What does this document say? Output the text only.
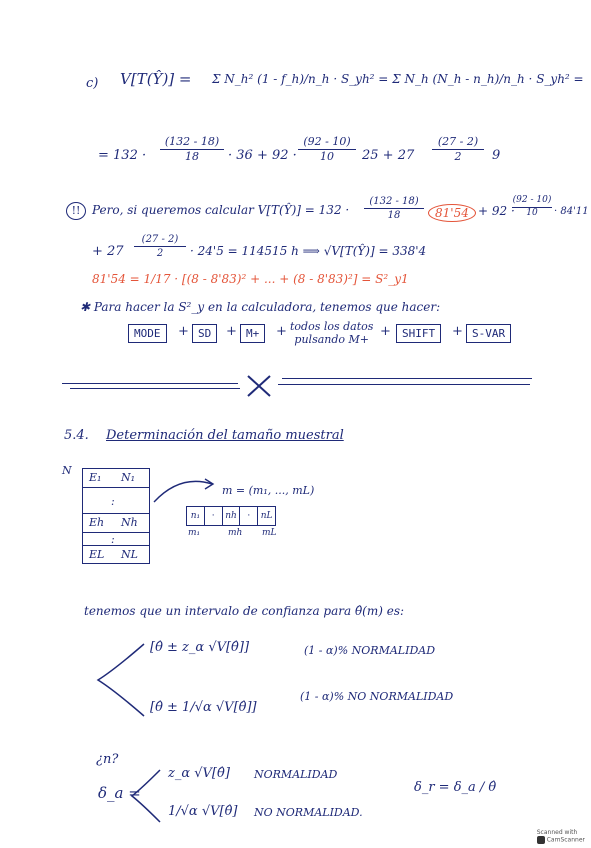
c) V[T(Ŷ)] = Σ N_h² (1 - f_h)/n_h · S_yh² = Σ N_h (N_h - n_h)/n_h · S_yh² =
= 132 ·
(132 - 18)
18	· 36 + 92 ·
(92 - 10)
10	25 + 27
(27 - 2)
2	9
!! Pero, si queremos calcular V[T(Ŷ)] = 132 ·
(132 - 18)
18	81'54 + 92 ·
(92 - 10)
10	· 84'11
+ 27
(27 - 2)
2	· 24'5 = 114515 h ⟹ √V[T(Ŷ)] = 338'4
81'54 = 1/17 · [(8 - 8'83)² + ... + (8 - 8'83)²] = S²_y1
✱ Para hacer la S²_y en la calculadora, tenemos que hacer:
MODE	+ SD	+ M+	+ todos los datos
pulsando M+
+	SHIFT	+ S-VAR
5.4. Determinación del tamaño muestral
N
E₁ N₁
:
Eh Nh
:
EL NL
m = (m₁, ..., mL)
n₁	·	nh	·	nL
m₁	mh mL
tenemos que un intervalo de confianza para θ̂(m) es:
[θ̂ ± z_α √V[θ̂]]	(1 - α)% NORMALIDAD
[θ̂ ± 1/√α √V[θ̂]]
(1 - α)% NO NORMALIDAD
¿n?
δ_a =
z_α √V[θ̂] NORMALIDAD
1/√α √V[θ̂] NO NORMALIDAD.
δ_r = δ_a / θ̂
Scanned with
CamScanner
